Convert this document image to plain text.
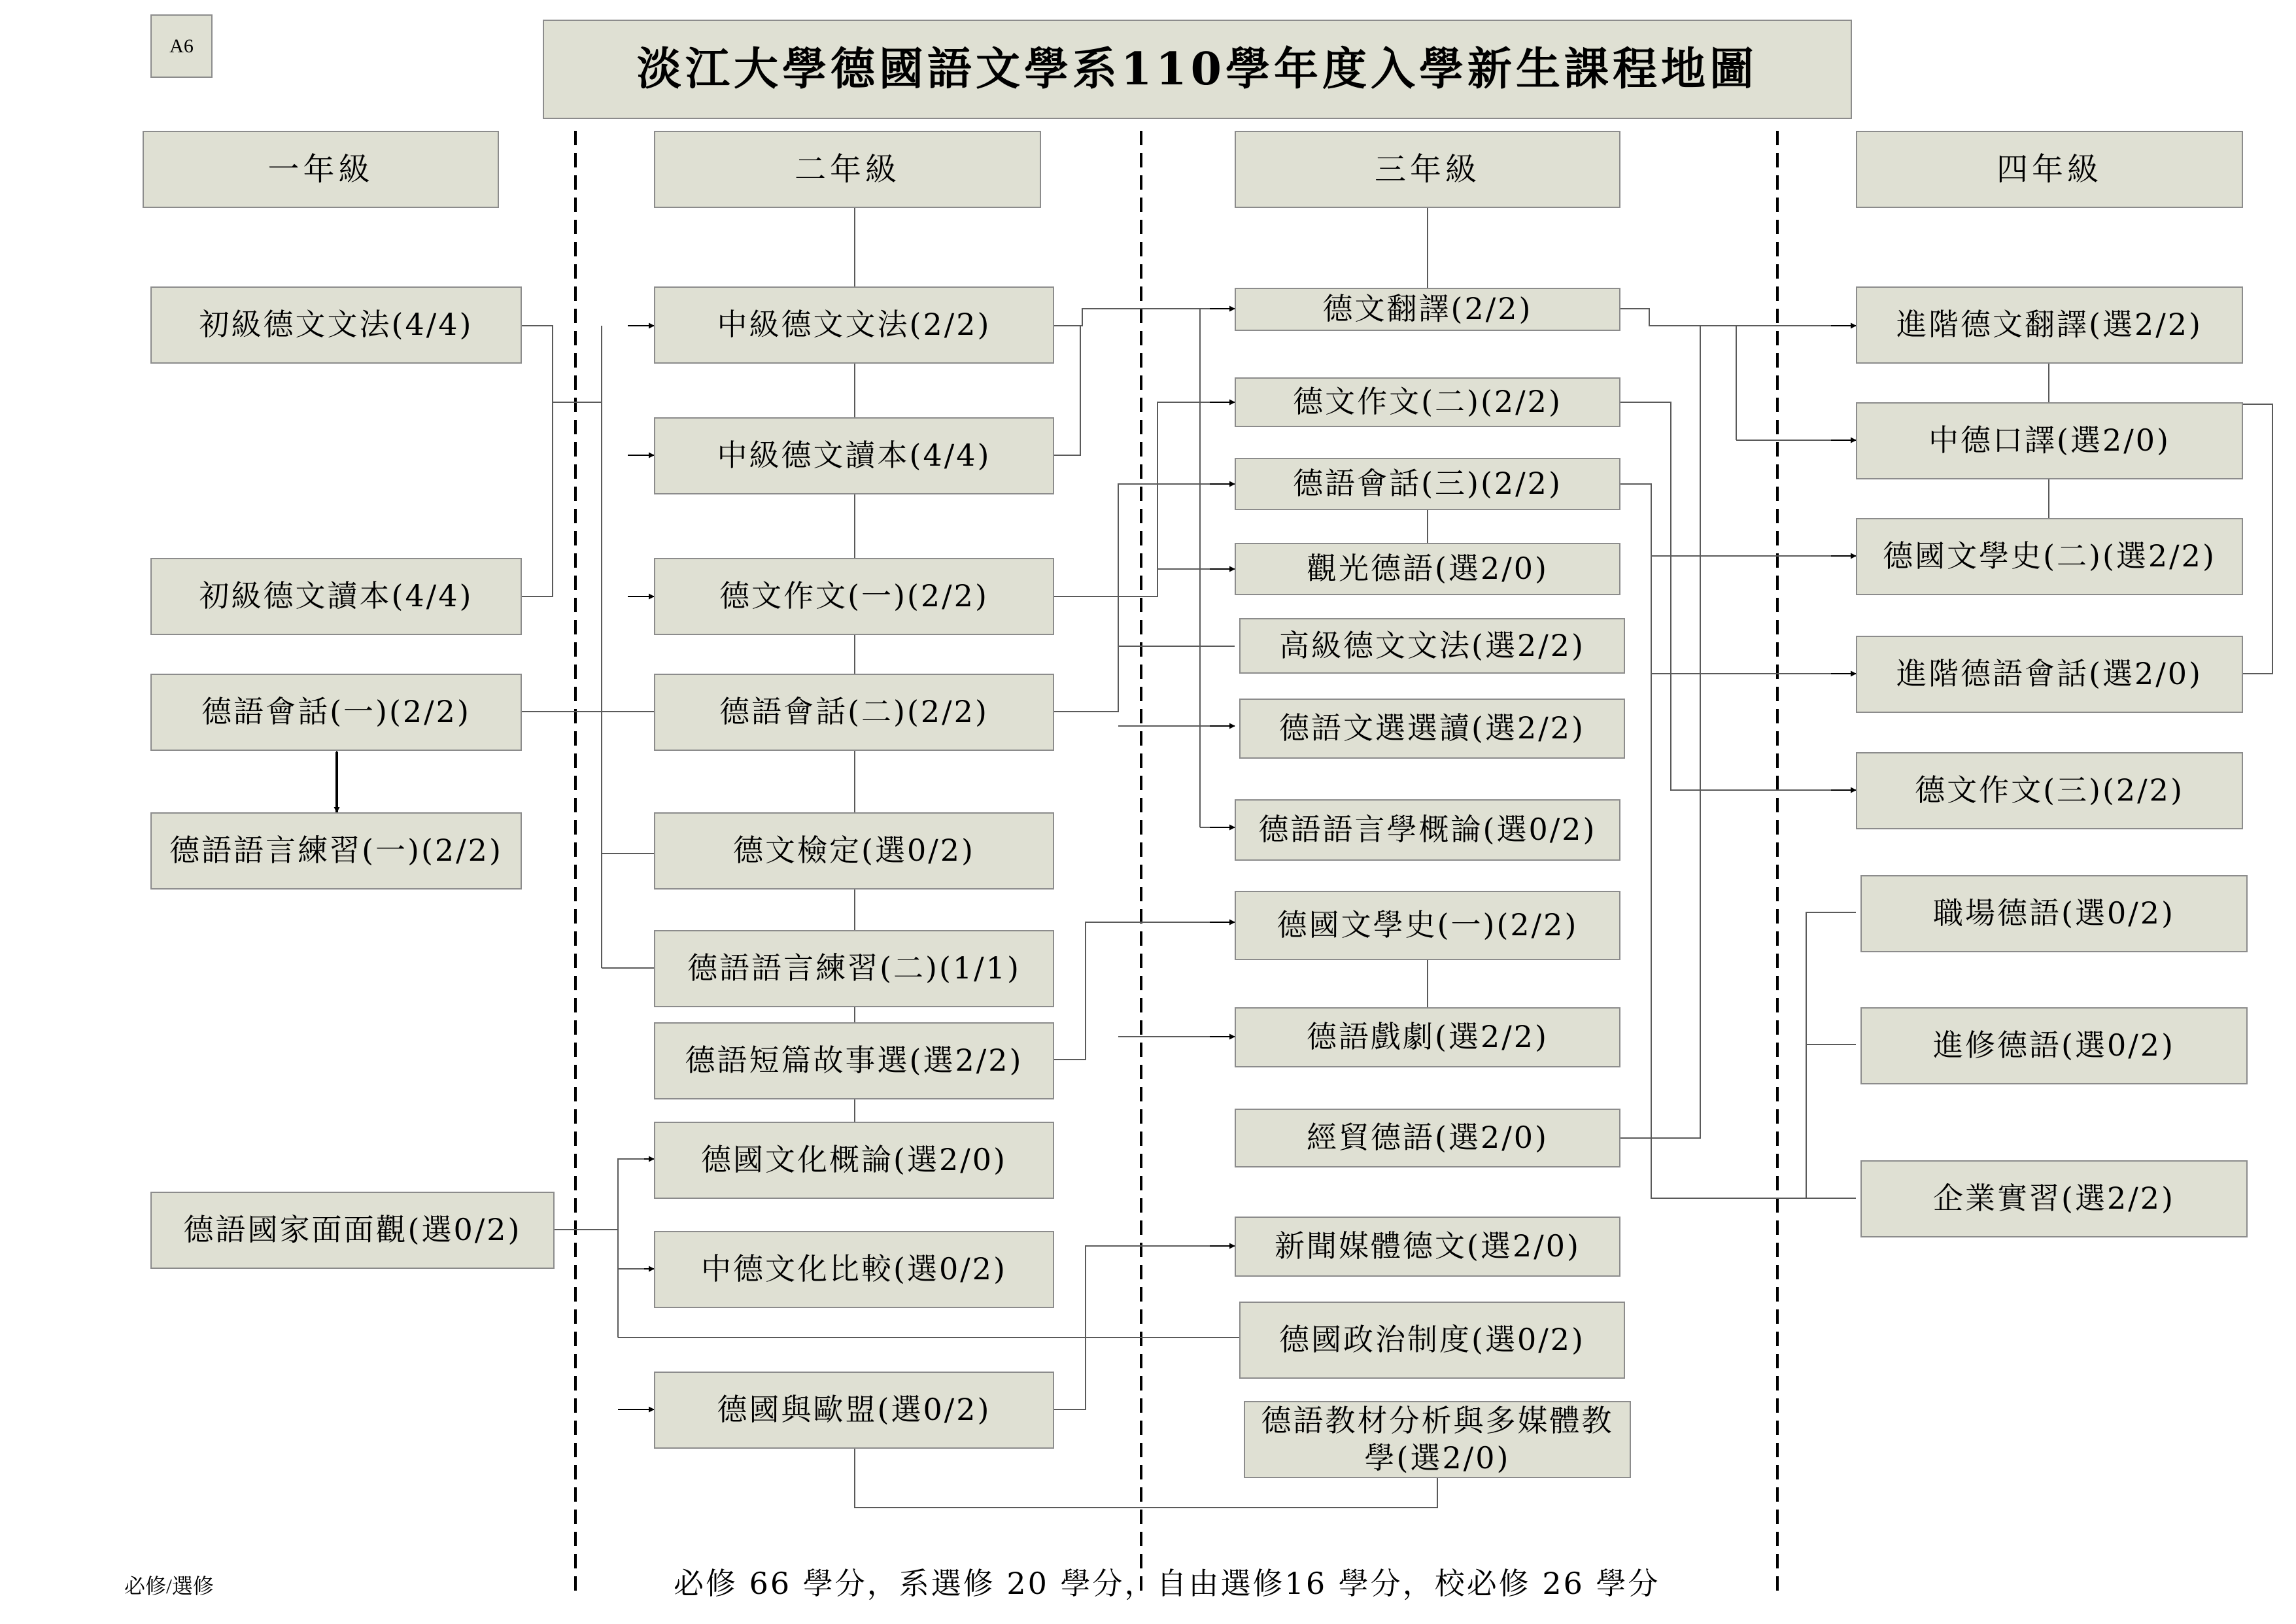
A6	淡江大學德國語文學系110學年度入學新生課程地圖
一年級	二年級	三年級	四年級
初級德文文法(4/4)
初級德文讀本(4/4)
德語會話(一)(2/2)
德語語言練習(一)(2/2)
德語國家面面觀(選0/2)
中級德文文法(2/2)
中級德文讀本(4/4)
德文作文(一)(2/2)
德語會話(二)(2/2)
德文檢定(選0/2)
德語語言練習(二)(1/1)
德語短篇故事選(選2/2)
德國文化概論(選2/0)
中德文化比較(選0/2)
德國與歐盟(選0/2)
德文翻譯(2/2)
德文作文(二)(2/2)
德語會話(三)(2/2)
觀光德語(選2/0)
高級德文文法(選2/2)
德語文選選讀(選2/2)
德語語言學概論(選0/2)
德國文學史(一)(2/2)
德語戲劇(選2/2)
經貿德語(選2/0)
新聞媒體德文(選2/0)
德國政治制度(選0/2)
德語教材分析與多媒體教學(選2/0)
進階德文翻譯(選2/2)
中德口譯(選2/0)
德國文學史(二)(選2/2)
進階德語會話(選2/0)
德文作文(三)(2/2)
職場德語(選0/2)
進修德語(選0/2)
企業實習(選2/2)
必修/選修	必修 66 學分，系選修 20 學分，自由選修16 學分，校必修 26 學分
